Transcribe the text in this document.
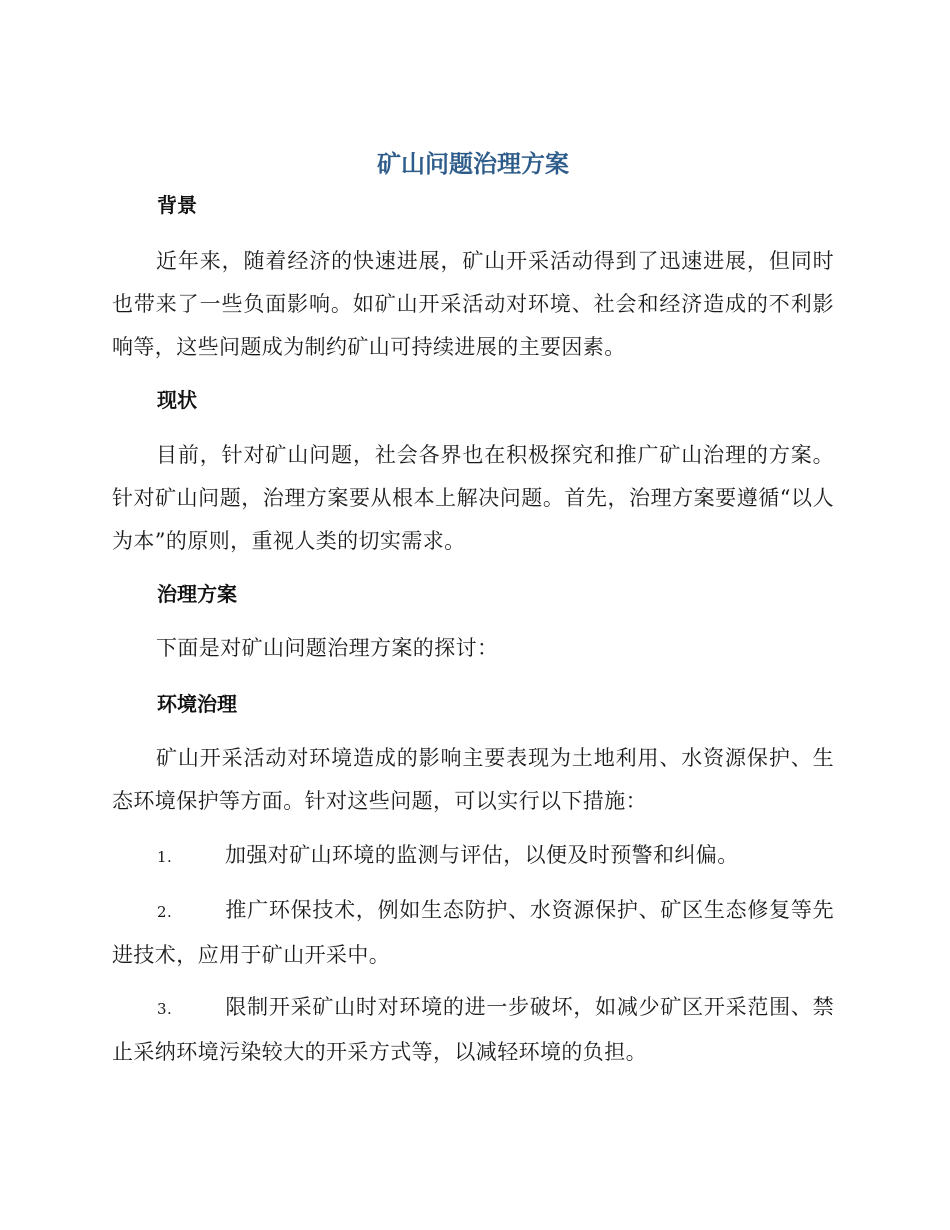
矿山问题治理方案
背景
近年来，随着经济的快速进展，矿山开采活动得到了迅速进展，但同时也带来了一些负面影响。如矿山开采活动对环境、社会和经济造成的不利影响等，这些问题成为制约矿山可持续进展的主要因素。
现状
目前，针对矿山问题，社会各界也在积极探究和推广矿山治理的方案。针对矿山问题，治理方案要从根本上解决问题。首先，治理方案要遵循“以人为本”的原则，重视人类的切实需求。
治理方案
下面是对矿山问题治理方案的探讨：
环境治理
矿山开采活动对环境造成的影响主要表现为土地利用、水资源保护、生态环境保护等方面。针对这些问题，可以实行以下措施：
1.	加强对矿山环境的监测与评估，以便及时预警和纠偏。
2.	推广环保技术，例如生态防护、水资源保护、矿区生态修复等先进技术，应用于矿山开采中。
3.	限制开采矿山时对环境的进一步破坏，如减少矿区开采范围、禁止采纳环境污染较大的开采方式等，以减轻环境的负担。
